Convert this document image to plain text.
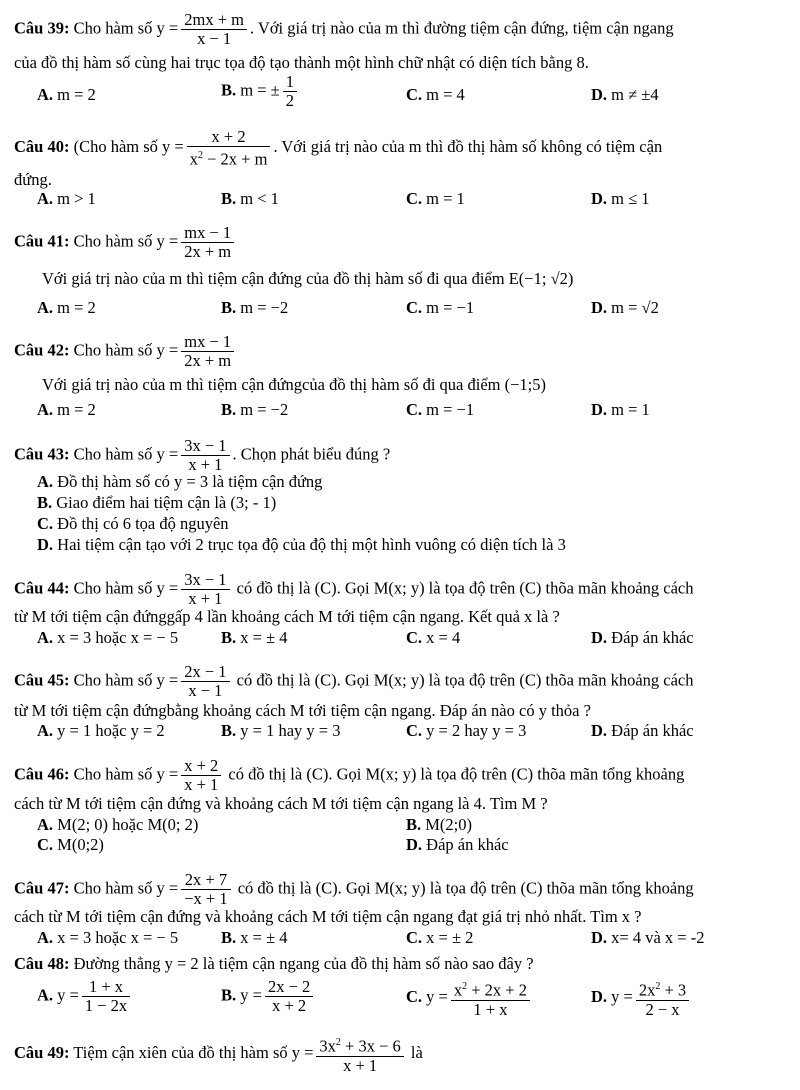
Câu 39: Cho hàm số $y = \frac{2mx + m}{x - 1}$ . Với giá trị nào của m thì đường tiệm cận đứng, tiệm cận ngang
của đồ thị hàm số cùng hai trục tọa độ tạo thành một hình chữ nhật có diện tích bằng 8.
A. m = 2	B. m = ± $\frac{1}{2}$	C. m = 4	D. m ≠ ±4
Câu 40: (Cho hàm số $y = \frac{x + 2}{x^2 - 2x + m}$ . Với giá trị nào của m thì đồ thị hàm số không có tiệm cận
đứng.
A. m > 1	B. m < 1	C. m = 1	D. m ≤ 1
Câu 41: Cho hàm số $y = \frac{mx - 1}{2x + m}$
Với giá trị nào của m thì tiệm cận đứng của đồ thị hàm số đi qua điểm E(−1; √2)
A. m = 2	B. m = −2	C. m = −1	D. m = √2
Câu 42: Cho hàm số $y = \frac{mx - 1}{2x + m}$
Với giá trị nào của m thì tiệm cận đứngcủa đồ thị hàm số đi qua điểm (−1;5)
A. m = 2	B. m = −2	C. m = −1	D. m = 1
Câu 43: Cho hàm số $y = \frac{3x - 1}{x + 1}$ . Chọn phát biểu đúng ?
A. Đồ thị hàm số có y = 3 là tiệm cận đứng
B. Giao điểm hai tiệm cận là (3; - 1)
C. Đồ thị có 6 tọa độ nguyên
D. Hai tiệm cận tạo với 2 trục tọa độ của độ thị một hình vuông có diện tích là 3
Câu 44: Cho hàm số $y = \frac{3x - 1}{x + 1}$ có đồ thị là (C). Gọi M(x; y) là tọa độ trên (C) thõa mãn khoảng cách
từ M tới tiệm cận đứnggấp 4 lần khoảng cách M tới tiệm cận ngang. Kết quả x là ?
A. x = 3 hoặc x = − 5	B. x = ± 4	C. x = 4	D. Đáp án khác
Câu 45: Cho hàm số $y = \frac{2x - 1}{x - 1}$ có đồ thị là (C). Gọi M(x; y) là tọa độ trên (C) thõa mãn khoảng cách
từ M tới tiệm cận đứngbằng khoảng cách M tới tiệm cận ngang. Đáp án nào có y thỏa ?
A. y = 1 hoặc y = 2	B. y = 1 hay y = 3	C. y = 2 hay y = 3	D. Đáp án khác
Câu 46: Cho hàm số $y = \frac{x + 2}{x + 1}$ có đồ thị là (C). Gọi M(x; y) là tọa độ trên (C) thõa mãn tổng khoảng
cách từ M tới tiệm cận đứng và khoảng cách M tới tiệm cận ngang là 4. Tìm M ?
A. M(2; 0) hoặc M(0; 2)	B. M(2;0)
C. M(0;2)	D. Đáp án khác
Câu 47: Cho hàm số $y = \frac{2x + 7}{-x + 1}$ có đồ thị là (C). Gọi M(x; y) là tọa độ trên (C) thõa mãn tổng khoảng
cách từ M tới tiệm cận đứng và khoảng cách M tới tiệm cận ngang đạt giá trị nhỏ nhất. Tìm x ?
A. x = 3 hoặc x = − 5	B. x = ± 4	C. x = ± 2	D. x= 4 và x = -2
Câu 48: Đường thẳng y = 2 là tiệm cận ngang của đồ thị hàm số nào sao đây ?
A. $y = \frac{1 + x}{1 - 2x}$	B. $y = \frac{2x - 2}{x + 2}$	C. $y = \frac{x^2 + 2x + 2}{1 + x}$	D. $y = \frac{2x^2 + 3}{2 - x}$
Câu 49: Tiệm cận xiên của đồ thị hàm số $y = \frac{3x^2 + 3x - 6}{x + 1}$ là
